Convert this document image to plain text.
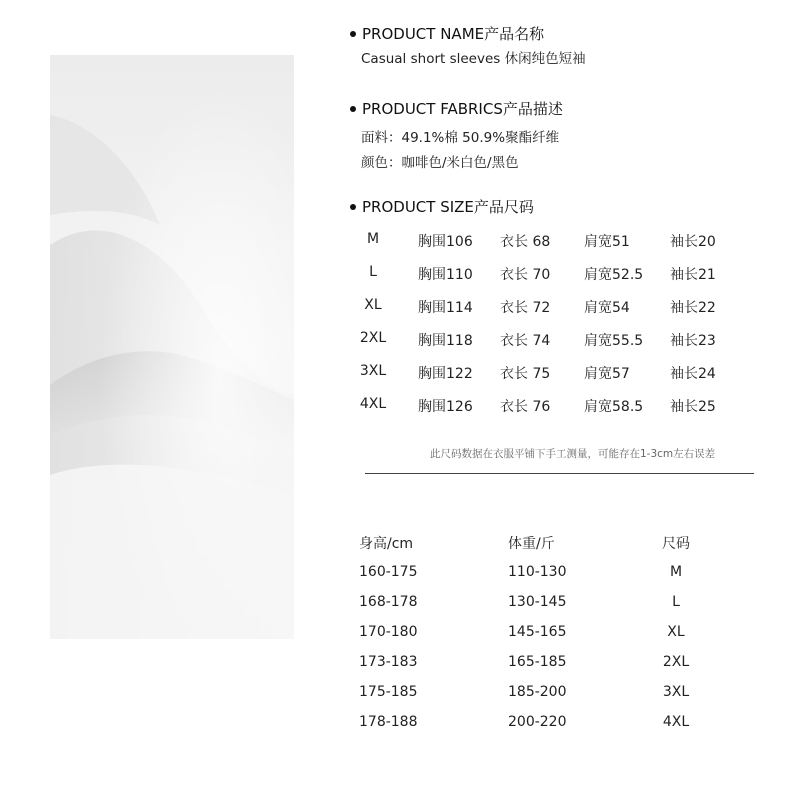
PRODUCT NAME产品名称
Casual short sleeves 休闲纯色短袖
PRODUCT FABRICS产品描述
面料：49.1%棉 50.9%聚酯纤维
颜色：咖啡色/米白色/黑色
PRODUCT SIZE产品尺码
M	胸围106 衣长 68 肩宽51	袖长20
L	胸围110 衣长 70 肩宽52.5 袖长21
XL	胸围114 衣长 72 肩宽54	袖长22
2XL	胸围118 衣长 74 肩宽55.5 袖长23
3XL	胸围122 衣长 75 肩宽57	袖长24
4XL	胸围126 衣长 76 肩宽58.5 袖长25
此尺码数据在衣服平铺下手工测量，可能存在1-3cm左右误差
身高/cm	体重/斤	尺码
160-175	110-130	M
168-178	130-145	L
170-180	145-165	XL
173-183	165-185	2XL
175-185	185-200	3XL
178-188	200-220	4XL
